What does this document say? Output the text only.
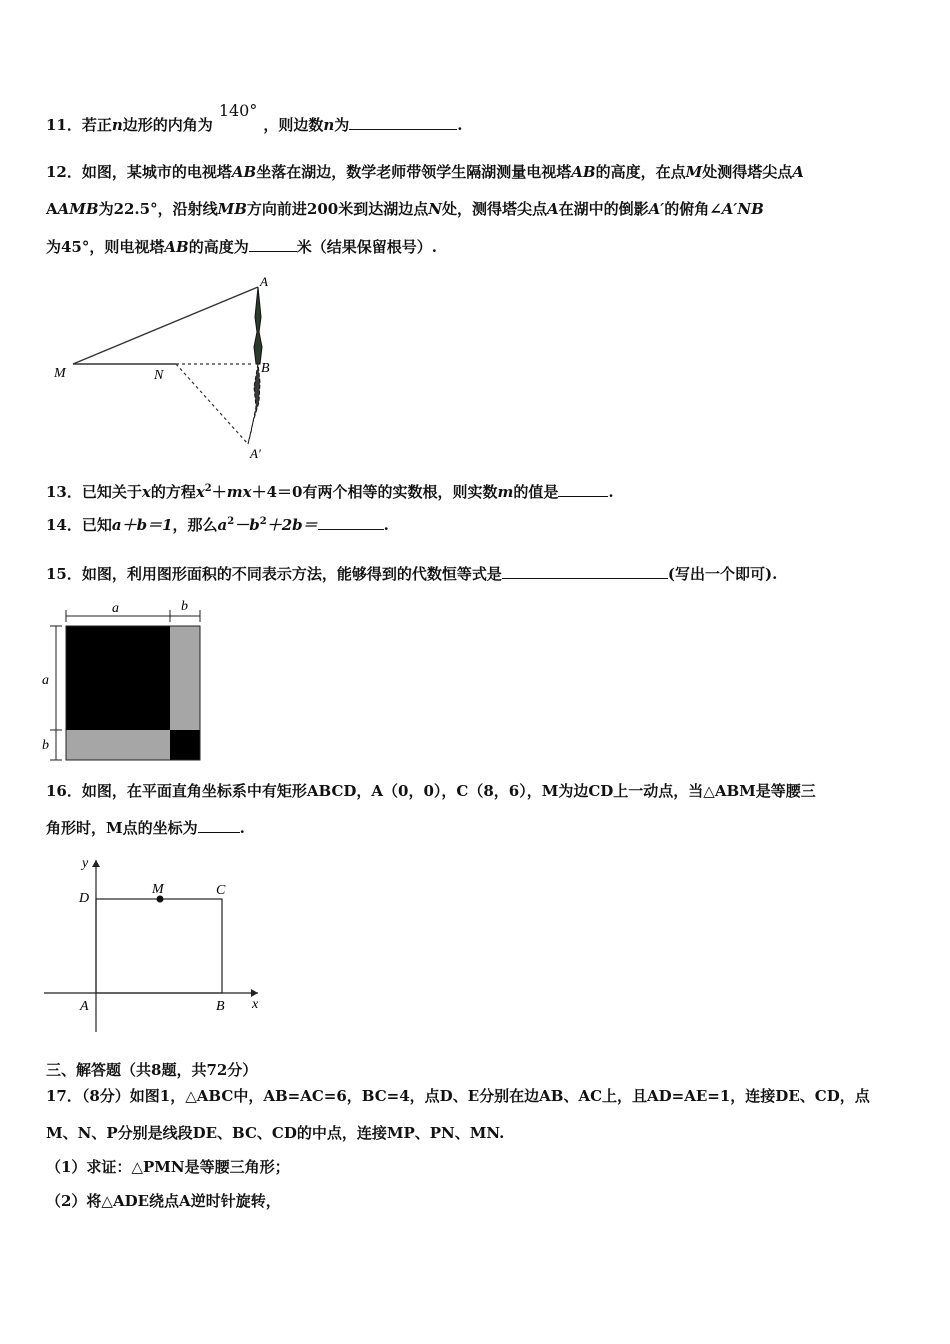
11．若正n边形的内角为140°，则边数n为	.
12．如图，某城市的电视塔AB坐落在湖边，数学老师带领学生隔湖测量电视塔AB的高度，在点M处测得塔尖点A
AAMB为22.5°，沿射线MB方向前进200米到达湖边点N处，测得塔尖点A在湖中的倒影A′的俯角∠A′NB
为45°，则电视塔AB的高度为	米（结果保留根号）.
A
M	N	B
A′
13．已知关于x的方程$x^2+mx+4=0$有两个相等的实数根，则实数m的值是	.
14．已知a＋b＝1，那么$a^2-b^2+2b=$	.
15．如图，利用图形面积的不同表示方法，能够得到的代数恒等式是	(写出一个即可).
a	b
a
b
16．如图，在平面直角坐标系中有矩形ABCD，A（0，0），C（8，6），M为边CD上一动点，当△ABM是等腰三
角形时，M点的坐标为	.
y
D
M	C
A	B x
三、解答题（共8题，共72分）
17．（8分）如图1，△ABC中，AB=AC=6，BC=4，点D、E分别在边AB、AC上，且AD=AE=1，连接DE、CD，点
M、N、P分别是线段DE、BC、CD的中点，连接MP、PN、MN.
（1）求证：△PMN是等腰三角形；
（2）将△ADE绕点A逆时针旋转，
